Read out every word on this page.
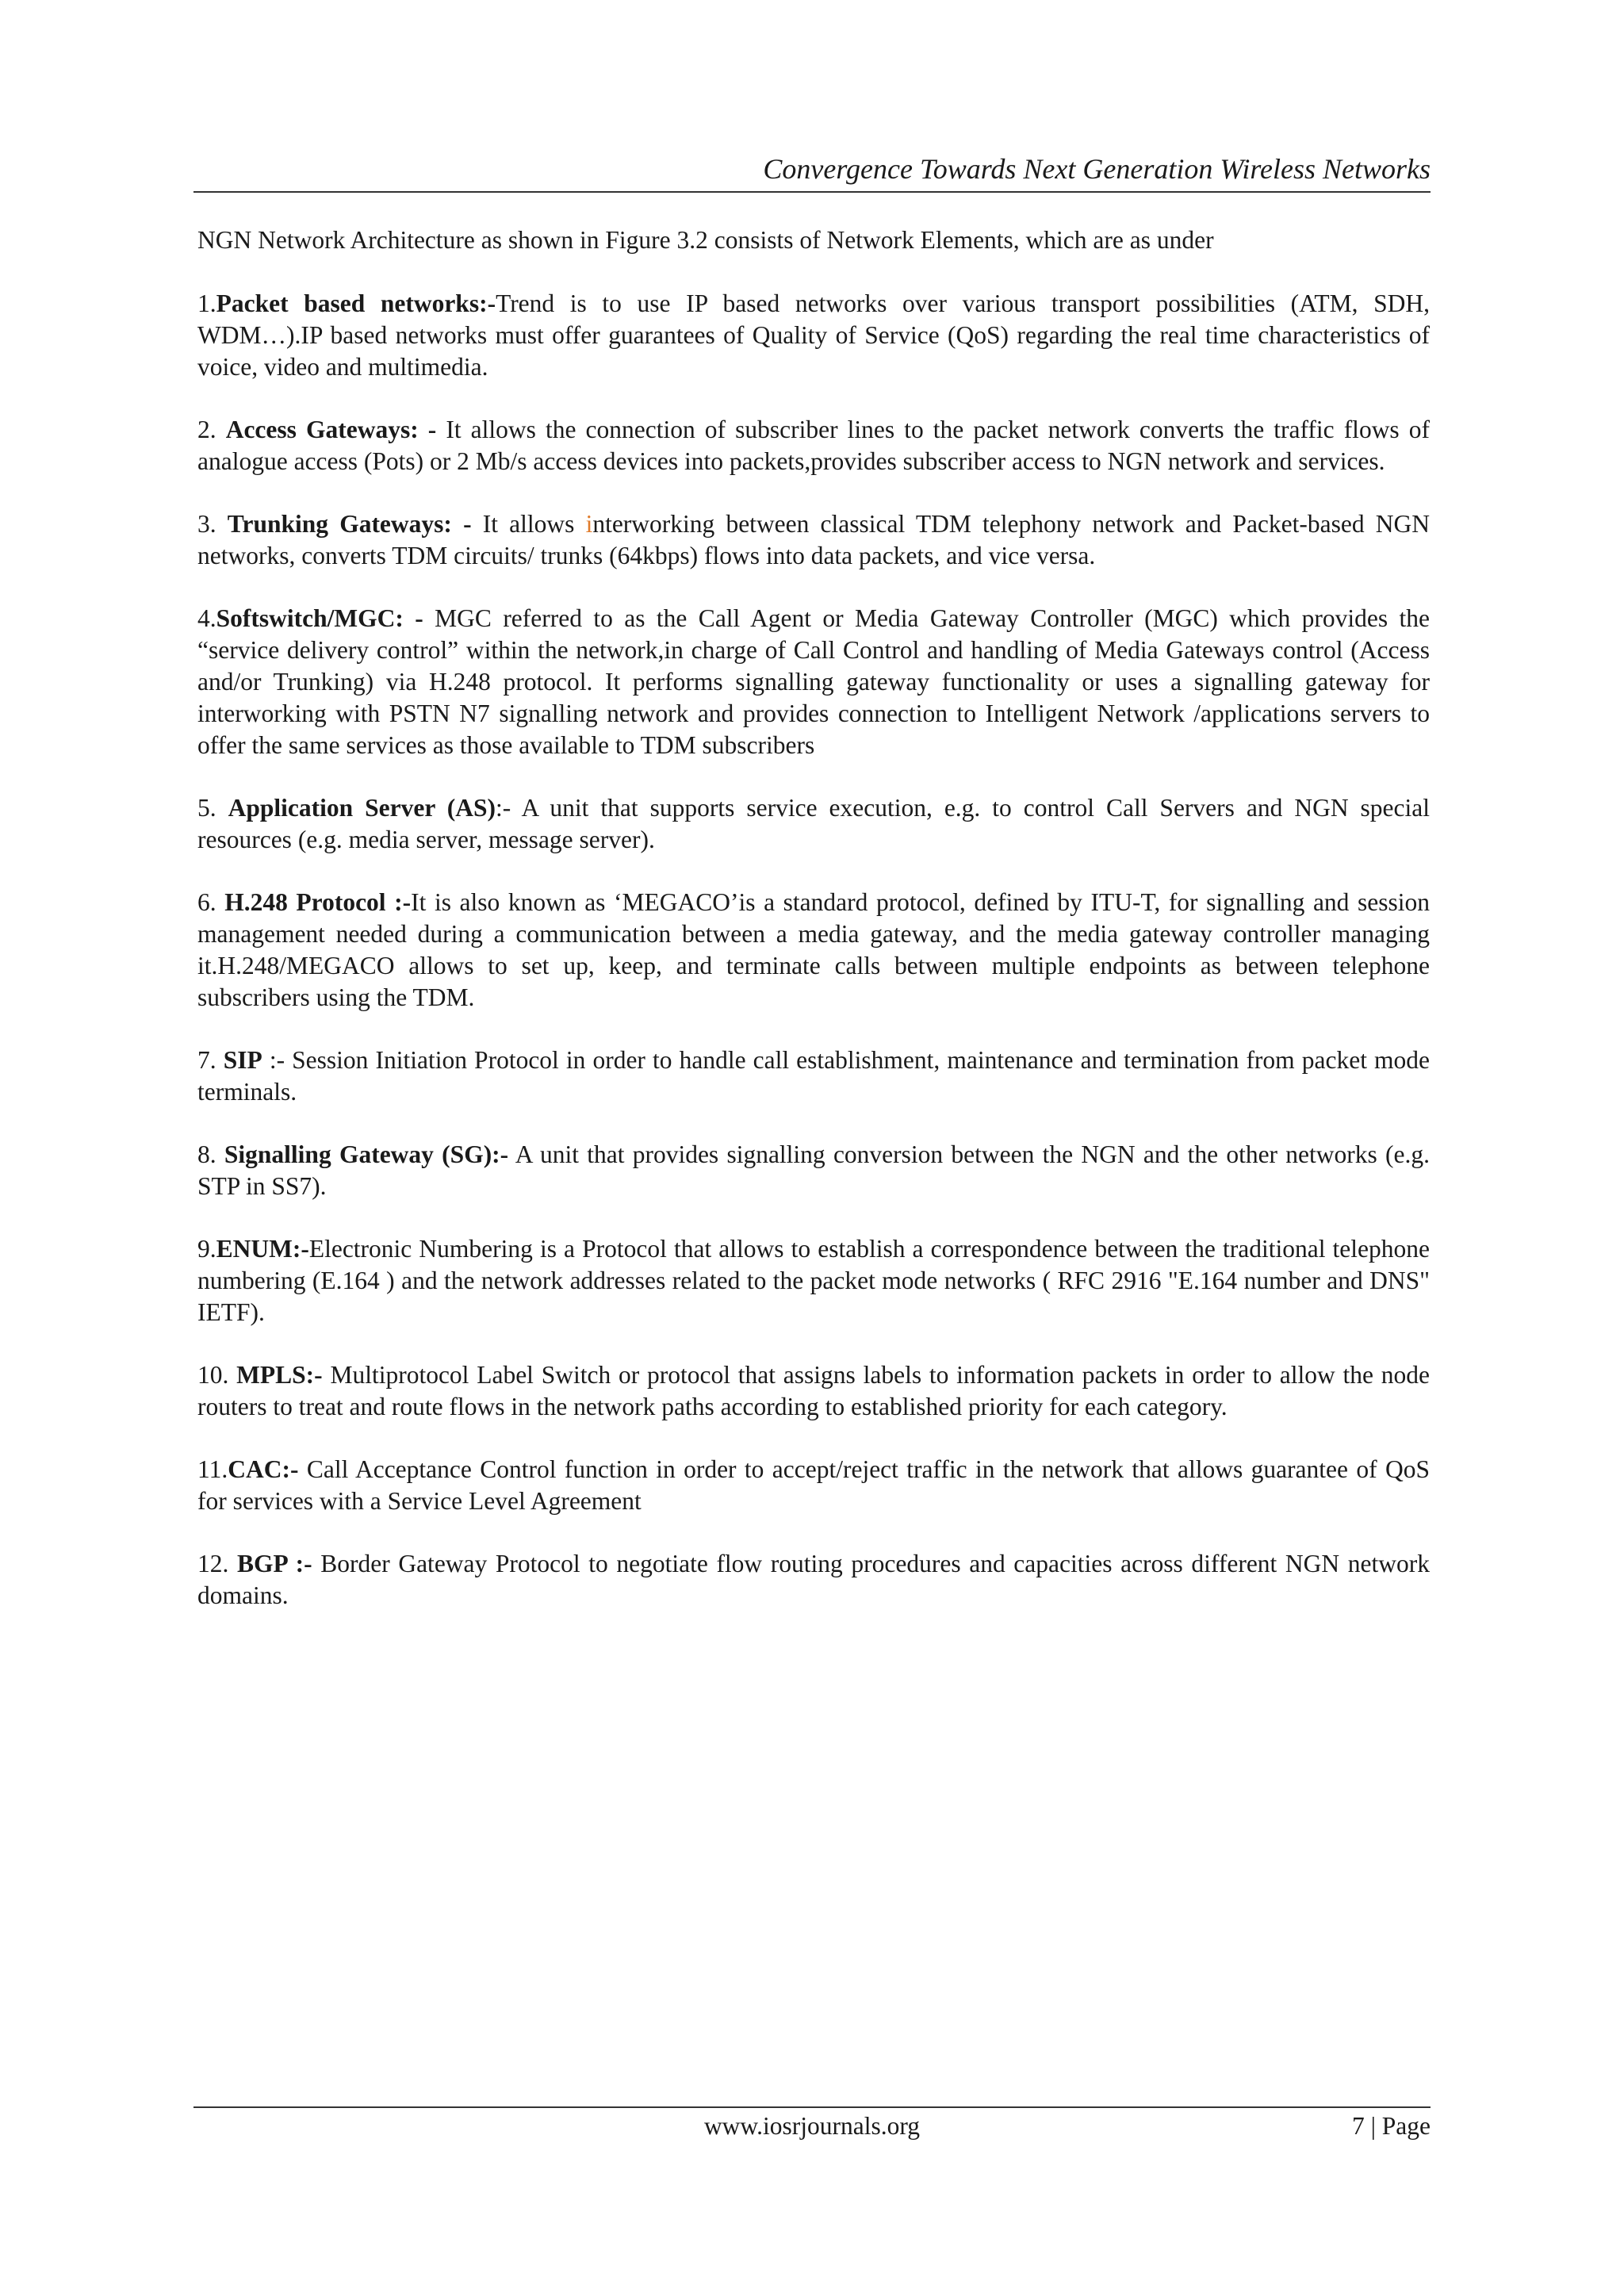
Convergence Towards Next Generation Wireless Networks

NGN Network Architecture as shown in Figure 3.2 consists of Network Elements, which are as under

1.Packet based networks:-Trend is to use IP based networks over various transport possibilities (ATM, SDH, WDM…).IP based networks must offer guarantees of Quality of Service (QoS) regarding the real time characteristics of voice, video and multimedia.

2. Access Gateways: - It allows the connection of subscriber lines to the packet network converts the traffic flows of analogue access (Pots) or 2 Mb/s access devices into packets,provides subscriber access to NGN network and services.

3. Trunking Gateways: - It allows interworking between classical TDM telephony network and Packet-based NGN networks, converts TDM circuits/ trunks (64kbps) flows into data packets, and vice versa.

4.Softswitch/MGC: - MGC referred to as the Call Agent or Media Gateway Controller (MGC) which provides the “service delivery control” within the network,in charge of Call Control and handling of Media Gateways control (Access and/or Trunking) via H.248 protocol. It performs signalling gateway functionality or uses a signalling gateway for interworking with PSTN N7 signalling network and provides connection to Intelligent Network /applications servers to offer the same services as those available to TDM subscribers

5. Application Server (AS):- A unit that supports service execution, e.g. to control Call Servers and NGN special resources (e.g. media server, message server).

6. H.248 Protocol :-It is also known as ‘MEGACO’is a standard protocol, defined by ITU-T, for signalling and session management needed during a communication between a media gateway, and the media gateway controller managing it.H.248/MEGACO allows to set up, keep, and terminate calls between multiple endpoints as between telephone subscribers using the TDM.

7. SIP :- Session Initiation Protocol in order to handle call establishment, maintenance and termination from packet mode terminals.

8. Signalling Gateway (SG):- A unit that provides signalling conversion between the NGN and the other networks (e.g. STP in SS7).

9.ENUM:-Electronic Numbering is a Protocol that allows to establish a correspondence between the traditional telephone numbering (E.164 ) and the network addresses related to the packet mode networks ( RFC 2916 "E.164 number and DNS" IETF).

10. MPLS:- Multiprotocol Label Switch or protocol that assigns labels to information packets in order to allow the node routers to treat and route flows in the network paths according to established priority for each category.

11.CAC:- Call Acceptance Control function in order to accept/reject traffic in the network that allows guarantee of QoS for services with a Service Level Agreement

12. BGP :- Border Gateway Protocol to negotiate flow routing procedures and capacities across different NGN network domains.

www.iosrjournals.org	7 | Page
